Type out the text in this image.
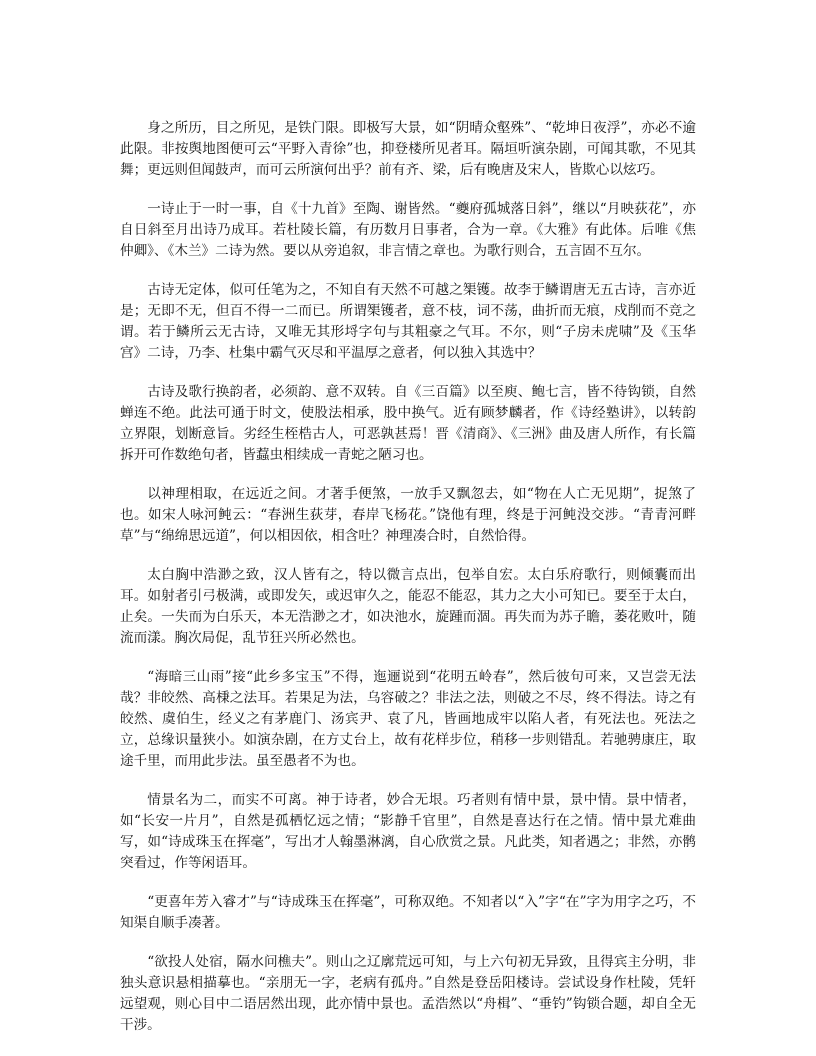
身之所历，目之所见，是铁门限。即极写大景，如“阴晴众壑殊”、“乾坤日夜浮”，亦必不逾此限。非按舆地图便可云“平野入青徐”也，抑登楼所见者耳。隔垣听演杂剧，可闻其歌，不见其舞；更远则但闻鼓声，而可云所演何出乎？前有齐、梁，后有晚唐及宋人，皆欺心以炫巧。

一诗止于一时一事，自《十九首》至陶、谢皆然。“夔府孤城落日斜”，继以“月映荻花”，亦自日斜至月出诗乃成耳。若杜陵长篇，有历数月日事者，合为一章。《大雅》有此体。后唯《焦仲卿》、《木兰》二诗为然。要以从旁追叙，非言情之章也。为歌行则合，五言固不互尔。

古诗无定体，似可任笔为之，不知自有天然不可越之榘镬。故李于鳞谓唐无五古诗，言亦近是；无即不无，但百不得一二而已。所谓榘镬者，意不枝，词不荡，曲折而无痕，戍削而不竞之谓。若于鳞所云无古诗，又唯无其形埒字句与其粗豪之气耳。不尔，则“子房未虎啸”及《玉华宫》二诗，乃李、杜集中霸气灭尽和平温厚之意者，何以独入其选中？

古诗及歌行换韵者，必须韵、意不双转。自《三百篇》以至庾、鲍七言，皆不待钩锁，自然蝉连不绝。此法可通于时文，使股法相承，股中换气。近有顾梦麟者，作《诗经塾讲》，以转韵立界限，划断意旨。劣经生桎梏古人，可恶孰甚焉！晋《清商》、《三洲》曲及唐人所作，有长篇拆开可作数绝句者，皆蠚虫相续成一青蛇之陋习也。

以神理相取，在远近之间。才著手便煞，一放手又飘忽去，如“物在人亡无见期”，捉煞了也。如宋人咏河鲀云：“春洲生荻芽，春岸飞杨花。”饶他有理，终是于河鲀没交涉。“青青河畔草”与“绵绵思远道”，何以相因依，相含吐？神理凑合时，自然恰得。

太白胸中浩渺之致，汉人皆有之，特以微言点出，包举自宏。太白乐府歌行，则倾囊而出耳。如射者引弓极满，或即发矢，或迟审久之，能忍不能忍，其力之大小可知已。要至于太白，止矣。一失而为白乐天，本无浩渺之才，如决池水，旋踵而涸。再失而为苏子瞻，萎花败叶，随流而漾。胸次局促，乱节狂兴所必然也。

“海暗三山雨”接“此乡多宝玉”不得，迤逦说到“花明五岭春”，然后彼句可来，又岂尝无法哉？非皎然、高棅之法耳。若果足为法，乌容破之？非法之法，则破之不尽，终不得法。诗之有皎然、虞伯生，经义之有茅鹿门、汤宾尹、袁了凡，皆画地成牢以陷人者，有死法也。死法之立，总缘识量狭小。如演杂剧，在方丈台上，故有花样步位，稍移一步则错乱。若驰骋康庄，取途千里，而用此步法。虽至愚者不为也。

情景名为二，而实不可离。神于诗者，妙合无垠。巧者则有情中景，景中情。景中情者，如“长安一片月”，自然是孤栖忆远之情；“影静千官里”，自然是喜达行在之情。情中景尤难曲写，如“诗成珠玉在挥毫”，写出才人翰墨淋漓，自心欣赏之景。凡此类，知者遇之；非然，亦鹘突看过，作等闲语耳。

“更喜年芳入睿才”与“诗成珠玉在挥毫”，可称双绝。不知者以“入”字“在”字为用字之巧，不知渠自顺手凑著。

“欲投人处宿，隔水问樵夫”。则山之辽廓荒远可知，与上六句初无异致，且得宾主分明，非独头意识悬相描摹也。“亲朋无一字，老病有孤舟。”自然是登岳阳楼诗。尝试设身作杜陵，凭轩远望观，则心目中二语居然出现，此亦情中景也。孟浩然以“舟楫”、“垂钓”钩锁合题，却自全无干涉。
